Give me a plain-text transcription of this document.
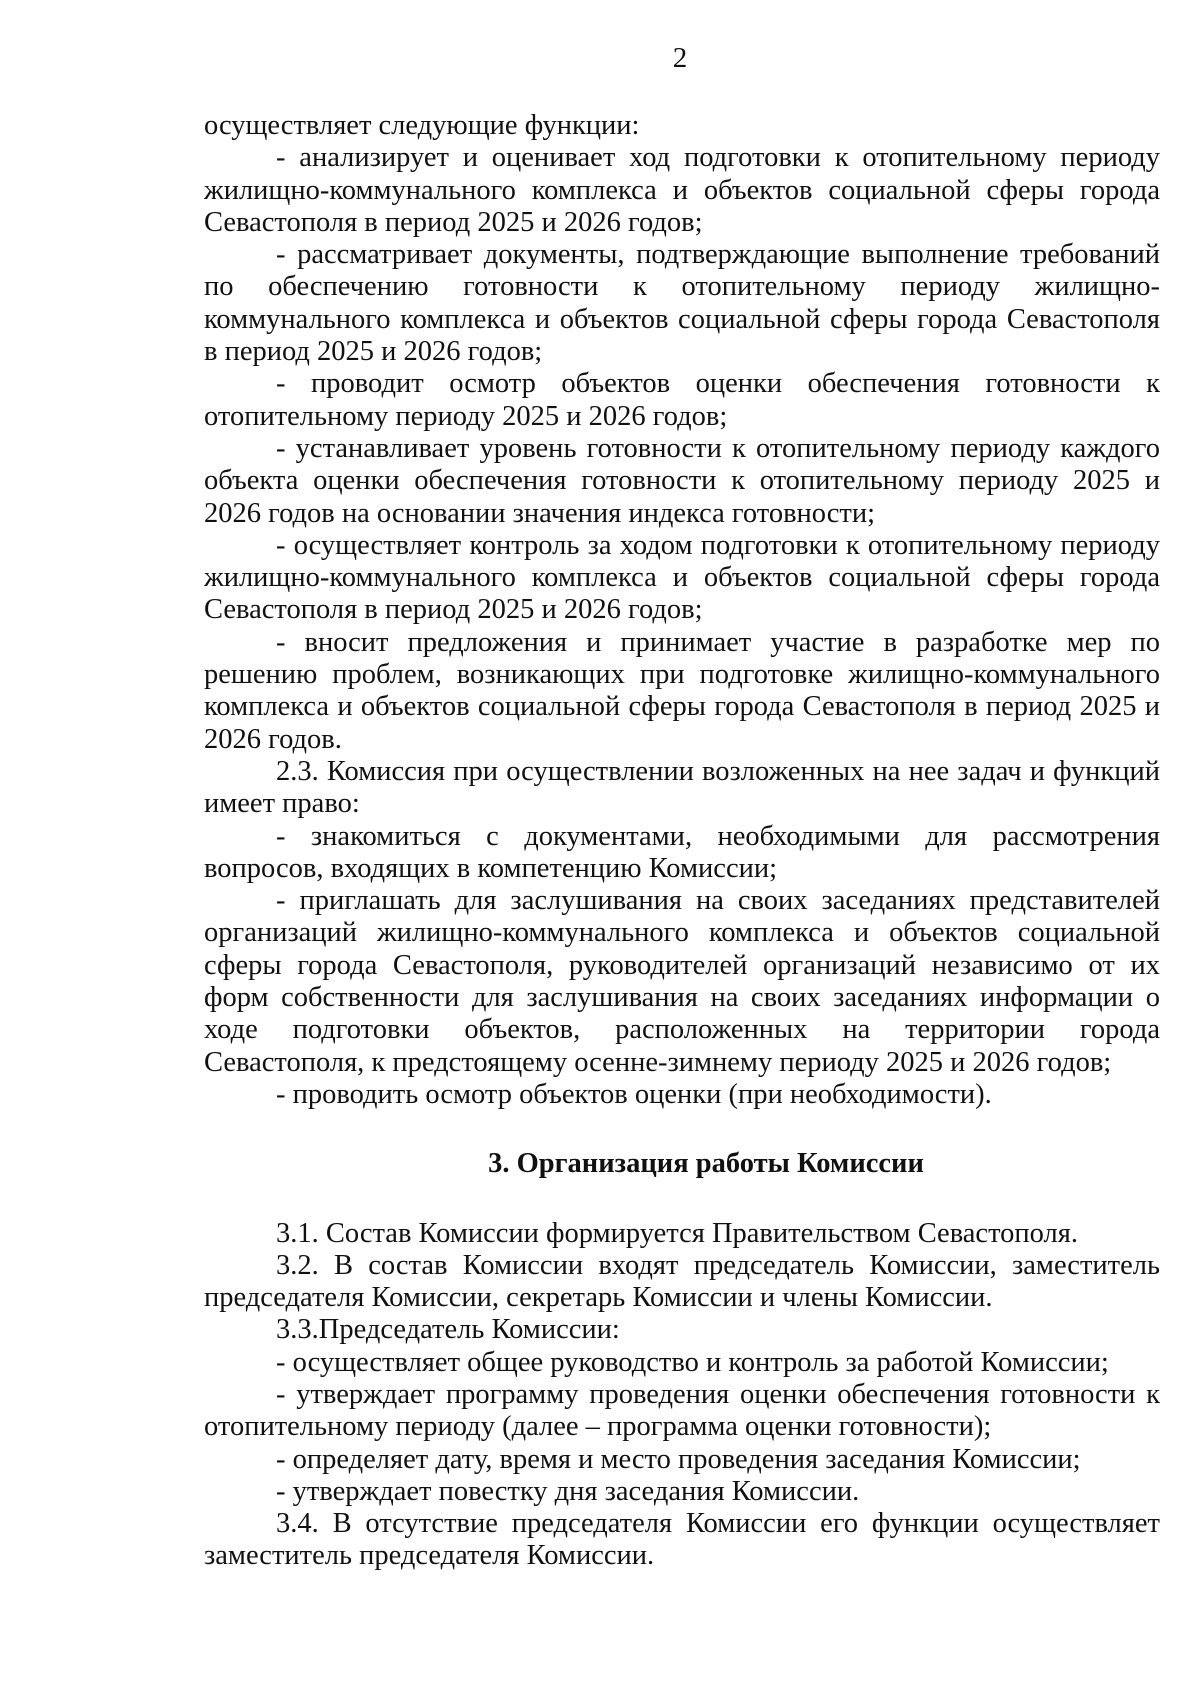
2

осуществляет следующие функции:

- анализирует и оценивает ход подготовки к отопительному периоду жилищно-коммунального комплекса и объектов социальной сферы города Севастополя в период 2025 и 2026 годов;

- рассматривает документы, подтверждающие выполнение требований по обеспечению готовности к отопительному периоду жилищно-коммунального комплекса и объектов социальной сферы города Севастополя в период 2025 и 2026 годов;

- проводит осмотр объектов оценки обеспечения готовности к отопительному периоду 2025 и 2026 годов;

- устанавливает уровень готовности к отопительному периоду каждого объекта оценки обеспечения готовности к отопительному периоду 2025 и 2026 годов на основании значения индекса готовности;

- осуществляет контроль за ходом подготовки к отопительному периоду жилищно-коммунального комплекса и объектов социальной сферы города Севастополя в период 2025 и 2026 годов;

- вносит предложения и принимает участие в разработке мер по решению проблем, возникающих при подготовке жилищно-коммунального комплекса и объектов социальной сферы города Севастополя в период 2025 и 2026 годов.

2.3. Комиссия при осуществлении возложенных на нее задач и функций имеет право:

- знакомиться с документами, необходимыми для рассмотрения вопросов, входящих в компетенцию Комиссии;

- приглашать для заслушивания на своих заседаниях представителей организаций жилищно-коммунального комплекса и объектов социальной сферы города Севастополя, руководителей организаций независимо от их форм собственности для заслушивания на своих заседаниях информации о ходе подготовки объектов, расположенных на территории города Севастополя, к предстоящему осенне-зимнему периоду 2025 и 2026 годов;

- проводить осмотр объектов оценки (при необходимости).

3. Организация работы Комиссии

3.1. Состав Комиссии формируется Правительством Севастополя.

3.2. В состав Комиссии входят председатель Комиссии, заместитель председателя Комиссии, секретарь Комиссии и члены Комиссии.

3.3.Председатель Комиссии:

- осуществляет общее руководство и контроль за работой Комиссии;

- утверждает программу проведения оценки обеспечения готовности к отопительному периоду (далее – программа оценки готовности);

- определяет дату, время и место проведения заседания Комиссии;

- утверждает повестку дня заседания Комиссии.

3.4. В отсутствие председателя Комиссии его функции осуществляет заместитель председателя Комиссии.
